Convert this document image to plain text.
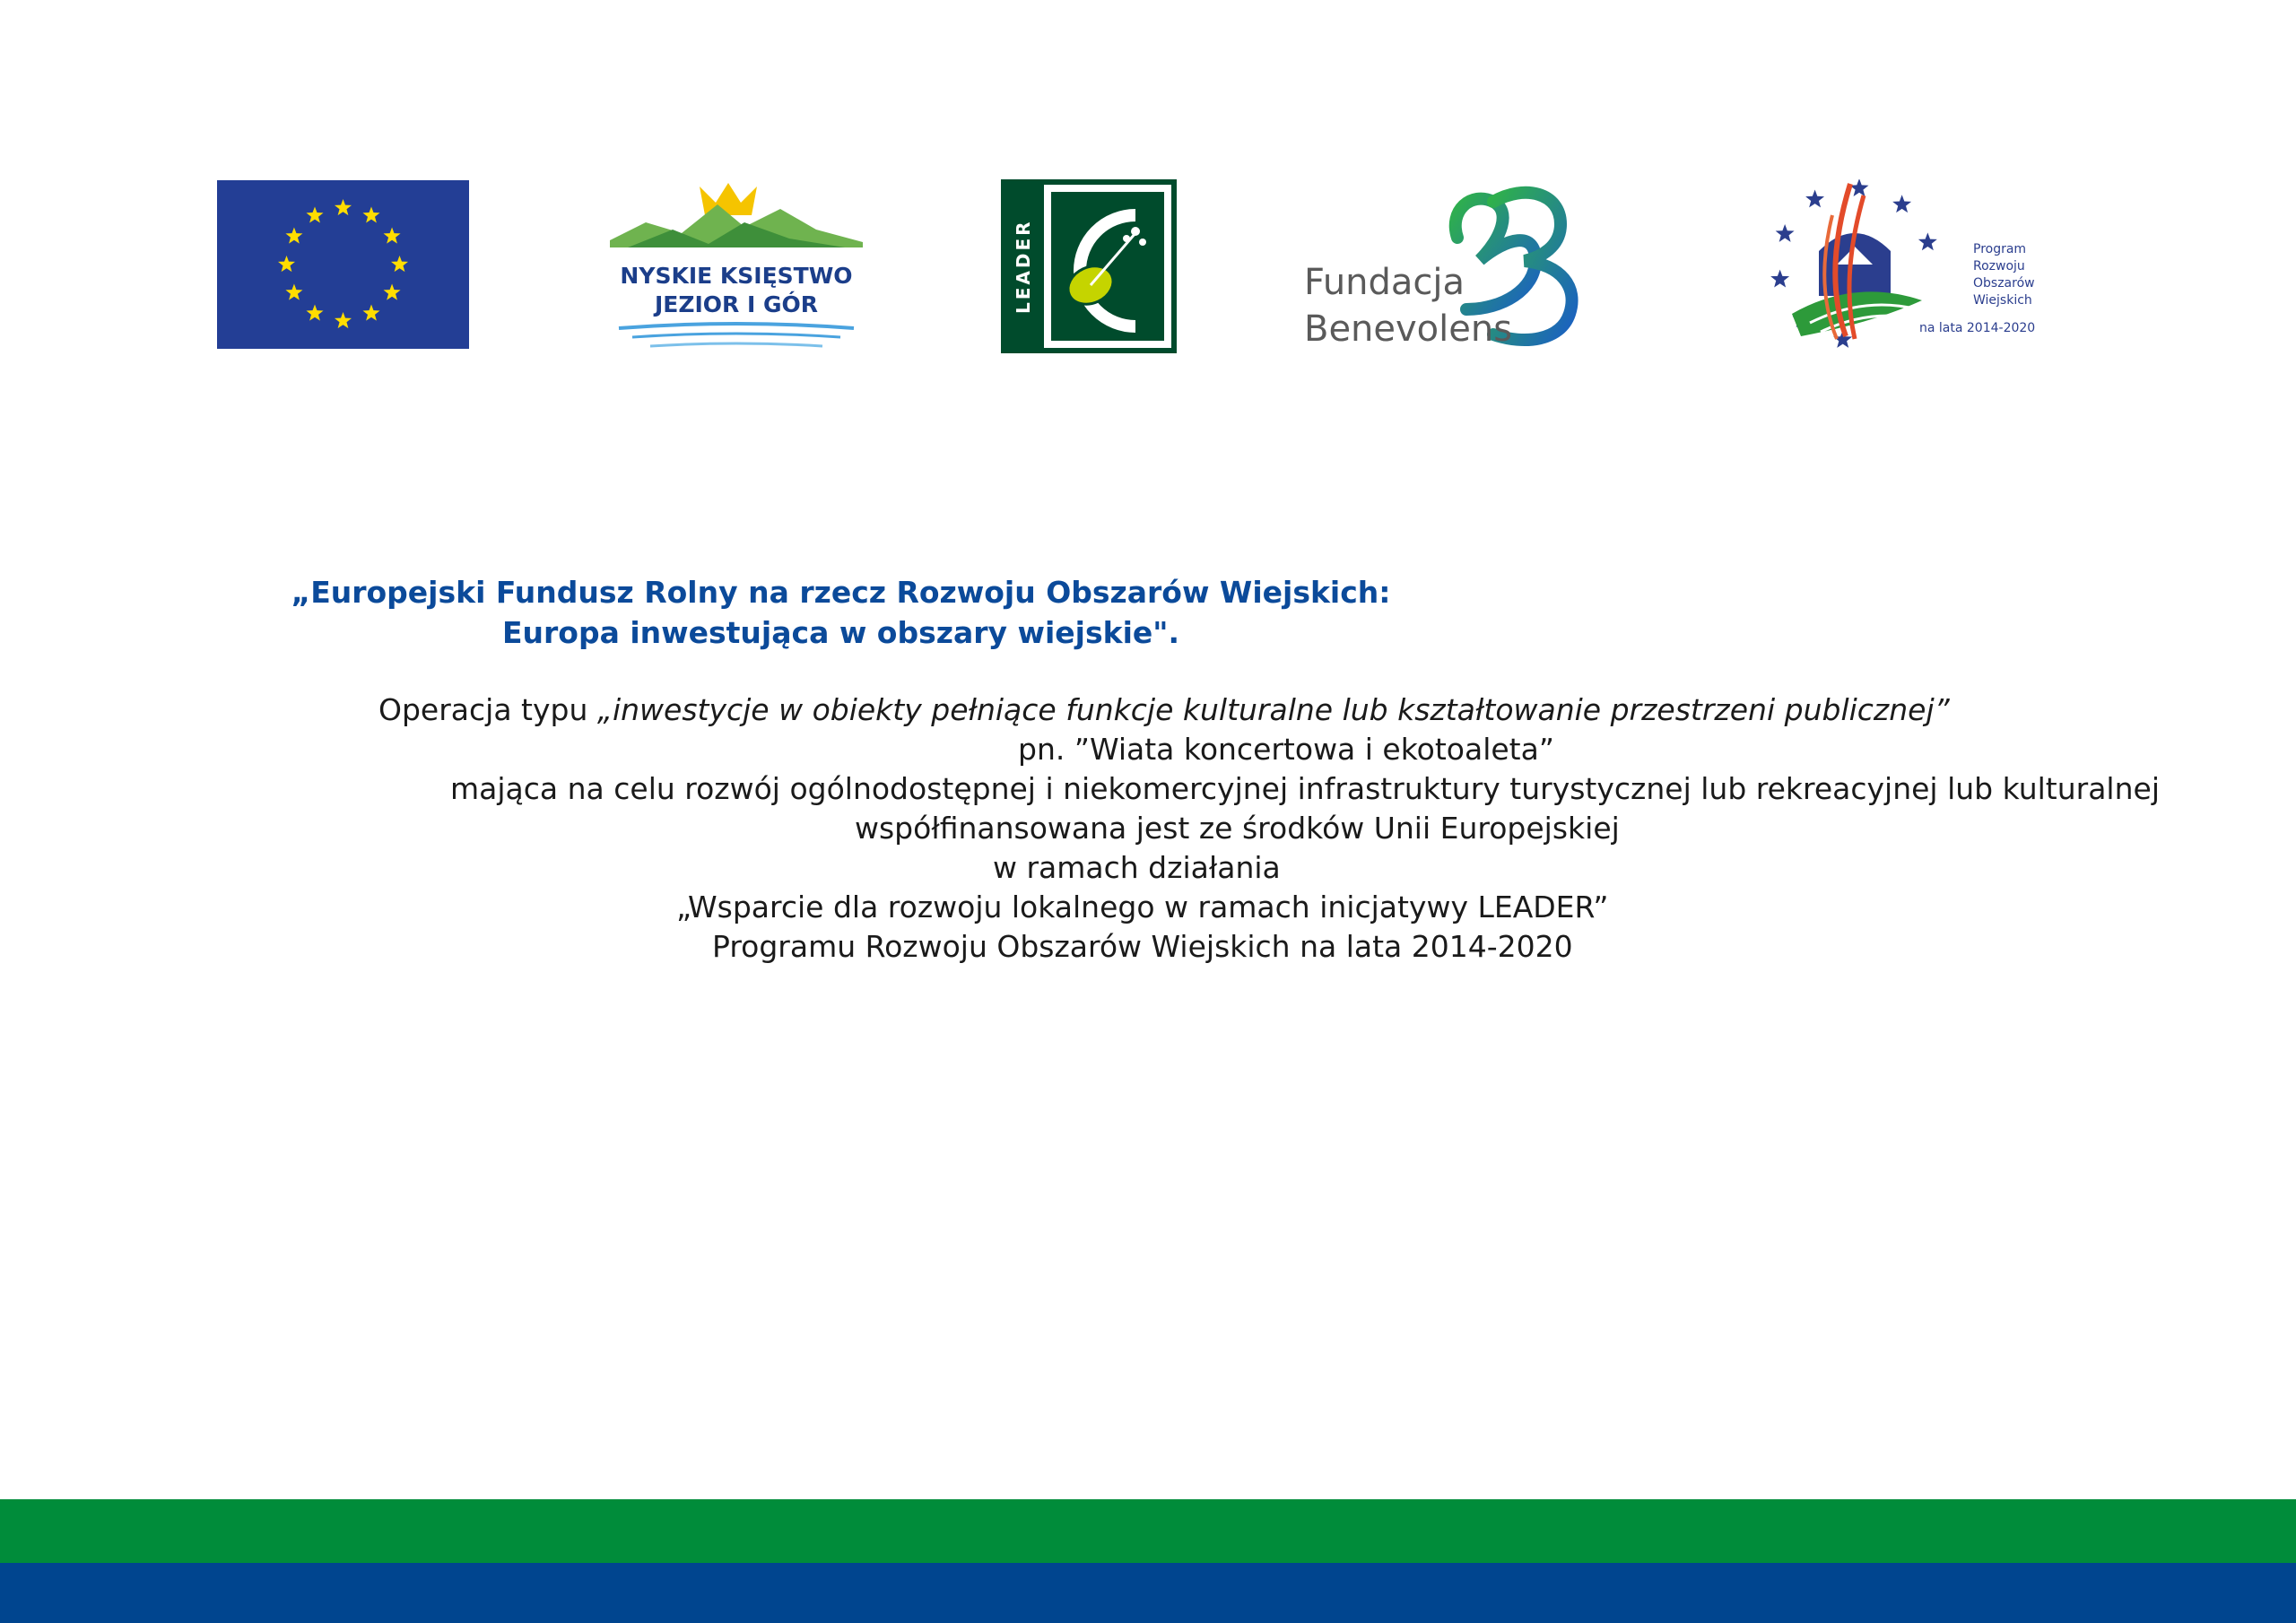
NYSKIE KSIĘSTWO
JEZIOR I GÓR	LEADER	Fundacja
Benevolens
Program
Rozwoju
Obszarów
Wiejskich
na lata 2014-2020
„Europejski Fundusz Rolny na rzecz Rozwoju Obszarów Wiejskich:
Europa inwestująca w obszary wiejskie".
Operacja typu „inwestycje w obiekty pełniące funkcje kulturalne lub kształtowanie przestrzeni publicznej”
pn. ”Wiata koncertowa i ekotoaleta”
mająca na celu rozwój ogólnodostępnej i niekomercyjnej infrastruktury turystycznej lub rekreacyjnej lub kulturalnej
współfinansowana jest ze środków Unii Europejskiej
w ramach działania
„Wsparcie dla rozwoju lokalnego w ramach inicjatywy LEADER”
Programu Rozwoju Obszarów Wiejskich na lata 2014-2020
